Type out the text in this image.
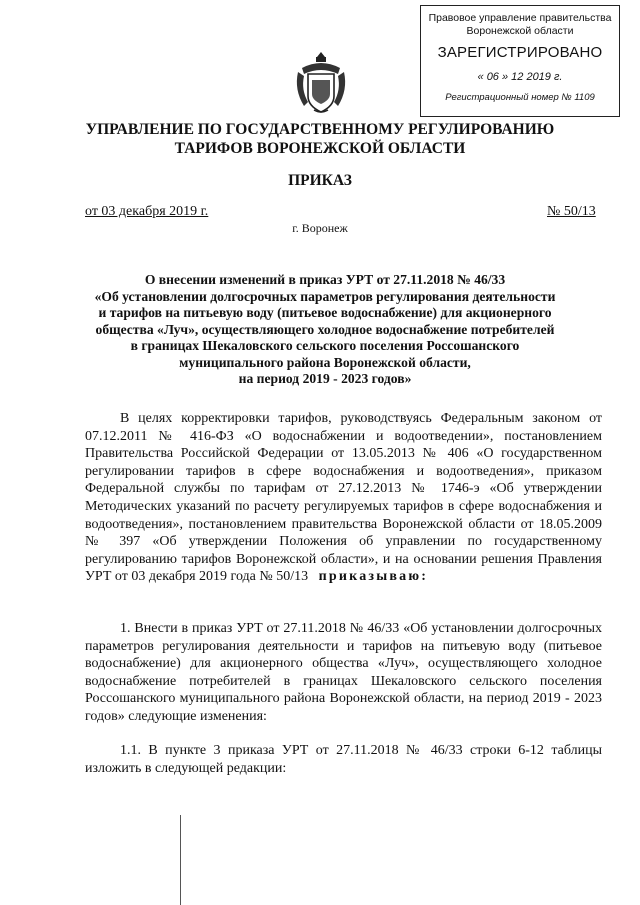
Правовое управление правительства
Воронежской области
ЗАРЕГИСТРИРОВАНО
« 06 » 12 2019 г.
Регистрационный номер № 1109
УПРАВЛЕНИЕ ПО ГОСУДАРСТВЕННОМУ РЕГУЛИРОВАНИЮ
ТАРИФОВ ВОРОНЕЖСКОЙ ОБЛАСТИ
ПРИКАЗ
от 03 декабря 2019 г.	№ 50/13
г. Воронеж
О внесении изменений в приказ УРТ от 27.11.2018 № 46/33
«Об установлении долгосрочных параметров регулирования деятельности
и тарифов на питьевую воду (питьевое водоснабжение) для акционерного
общества «Луч», осуществляющего холодное водоснабжение потребителей
в границах Шекаловского сельского поселения Россошанского
муниципального района Воронежской области,
на период 2019 - 2023 годов»
В целях корректировки тарифов, руководствуясь Федеральным законом от 07.12.2011 № 416-ФЗ «О водоснабжении и водоотведении», постановлением Правительства Российской Федерации от 13.05.2013 № 406 «О государственном регулировании тарифов в сфере водоснабжения и водоотведения», приказом Федеральной службы по тарифам от 27.12.2013 № 1746-э «Об утверждении Методических указаний по расчету регулируемых тарифов в сфере водоснабжения и водоотведения», постановлением правительства Воронежской области от 18.05.2009 № 397 «Об утверждении Положения об управлении по государственному регулированию тарифов Воронежской области», и на основании решения Правления УРТ от 03 декабря 2019 года № 50/13 приказываю:
1. Внести в приказ УРТ от 27.11.2018 № 46/33 «Об установлении долгосрочных параметров регулирования деятельности и тарифов на питьевую воду (питьевое водоснабжение) для акционерного общества «Луч», осуществляющего холодное водоснабжение потребителей в границах Шекаловского сельского поселения Россошанского муниципального района Воронежской области, на период 2019 - 2023 годов» следующие изменения:
1.1. В пункте 3 приказа УРТ от 27.11.2018 № 46/33 строки 6-12 таблицы изложить в следующей редакции:
